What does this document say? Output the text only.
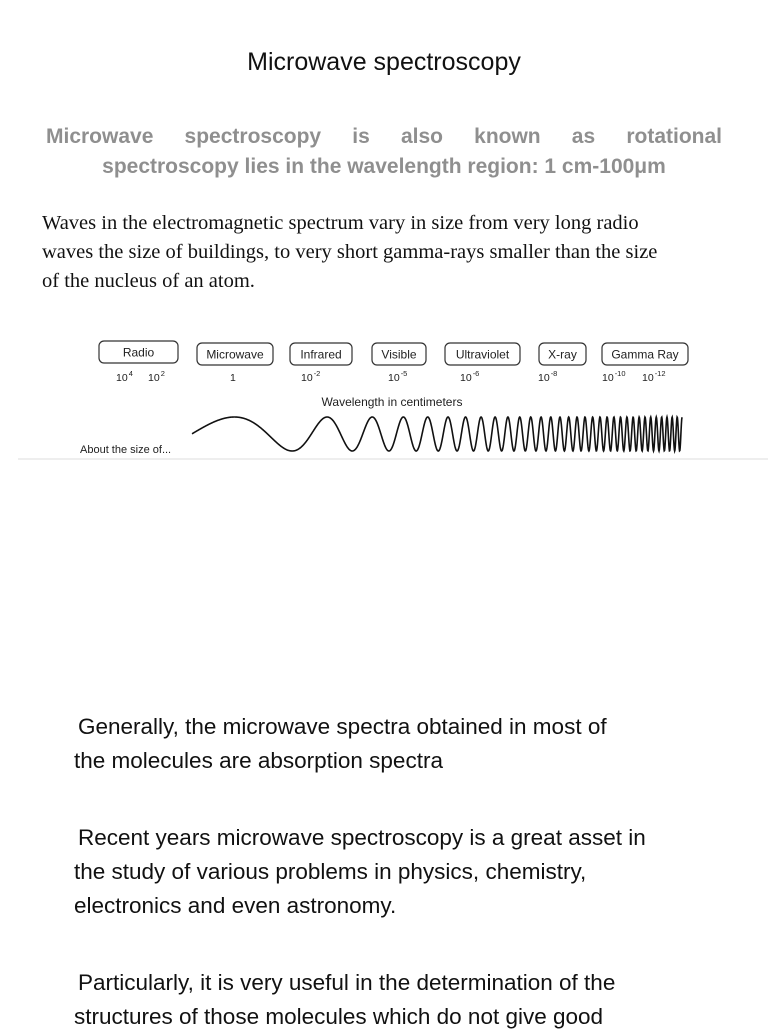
Microwave spectroscopy
Microwave spectroscopy is also known as rotational
spectroscopy lies in the wavelength region: 1 cm-100μm
Waves in the electromagnetic spectrum vary in size from very long radio
waves the size of buildings, to very short gamma-rays smaller than the size
of the nucleus of an atom.
Radio
$10^4$ $10^2$
Microwave
1
Infrared
$10^{-2}$
Visible
$10^{-5}$
Ultraviolet
$10^{-6}$
X-ray
$10^{-8}$
Gamma Ray
$10^{-10}$ $10^{-12}$
Wavelength in centimeters
About the size of...
Generally, the microwave spectra obtained in most of
the molecules are absorption spectra
Recent years microwave spectroscopy is a great asset in
the study of various problems in physics, chemistry,
electronics and even astronomy.
Particularly, it is very useful in the determination of the
structures of those molecules which do not give good
